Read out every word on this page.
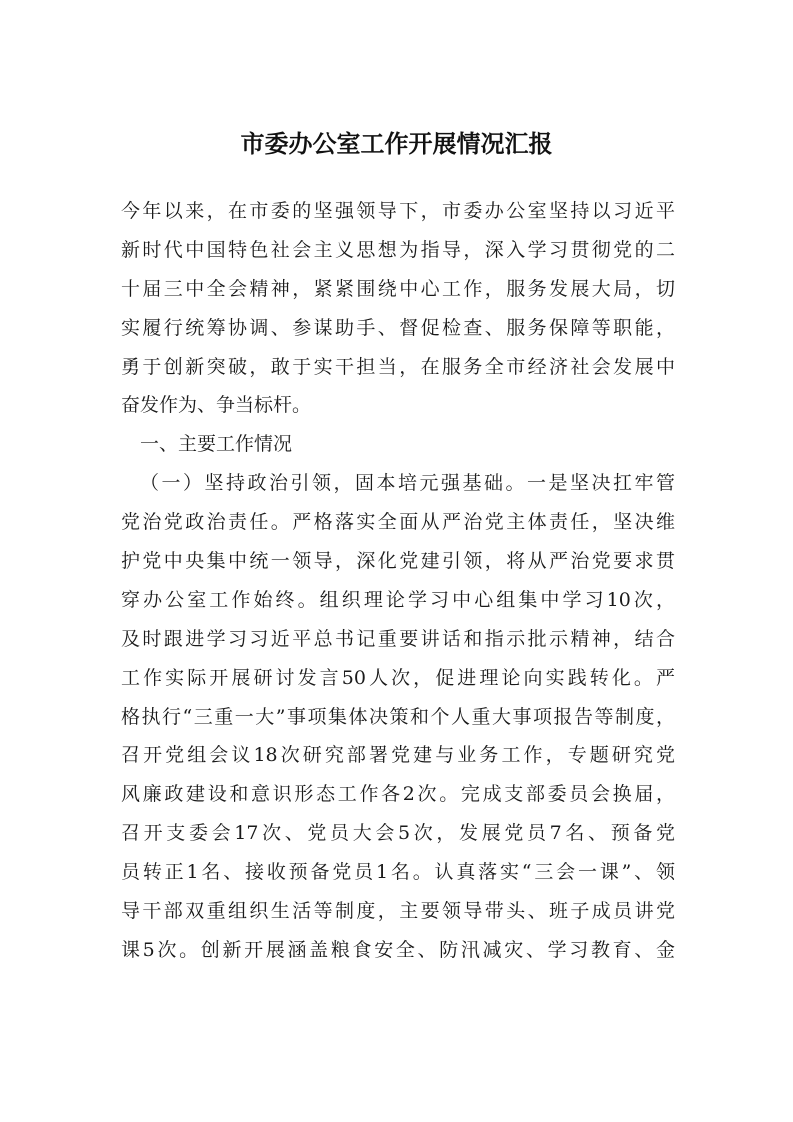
市委办公室工作开展情况汇报
今年以来，在市委的坚强领导下，市委办公室坚持以习近平
新时代中国特色社会主义思想为指导，深入学习贯彻党的二
十届三中全会精神，紧紧围绕中心工作，服务发展大局，切
实履行统筹协调、参谋助手、督促检查、服务保障等职能，
勇于创新突破，敢于实干担当，在服务全市经济社会发展中
奋发作为、争当标杆。
一、主要工作情况
（一）坚持政治引领，固本培元强基础。一是坚决扛牢管
党治党政治责任。严格落实全面从严治党主体责任，坚决维
护党中央集中统一领导，深化党建引领，将从严治党要求贯
穿办公室工作始终。组织理论学习中心组集中学习10次，
及时跟进学习习近平总书记重要讲话和指示批示精神，结合
工作实际开展研讨发言50人次，促进理论向实践转化。严
格执行“三重一大”事项集体决策和个人重大事项报告等制度，
召开党组会议18次研究部署党建与业务工作，专题研究党
风廉政建设和意识形态工作各2次。完成支部委员会换届，
召开支委会17次、党员大会5次，发展党员7名、预备党
员转正1名、接收预备党员1名。认真落实“三会一课”、领
导干部双重组织生活等制度，主要领导带头、班子成员讲党
课5次。创新开展涵盖粮食安全、防汛减灾、学习教育、金
